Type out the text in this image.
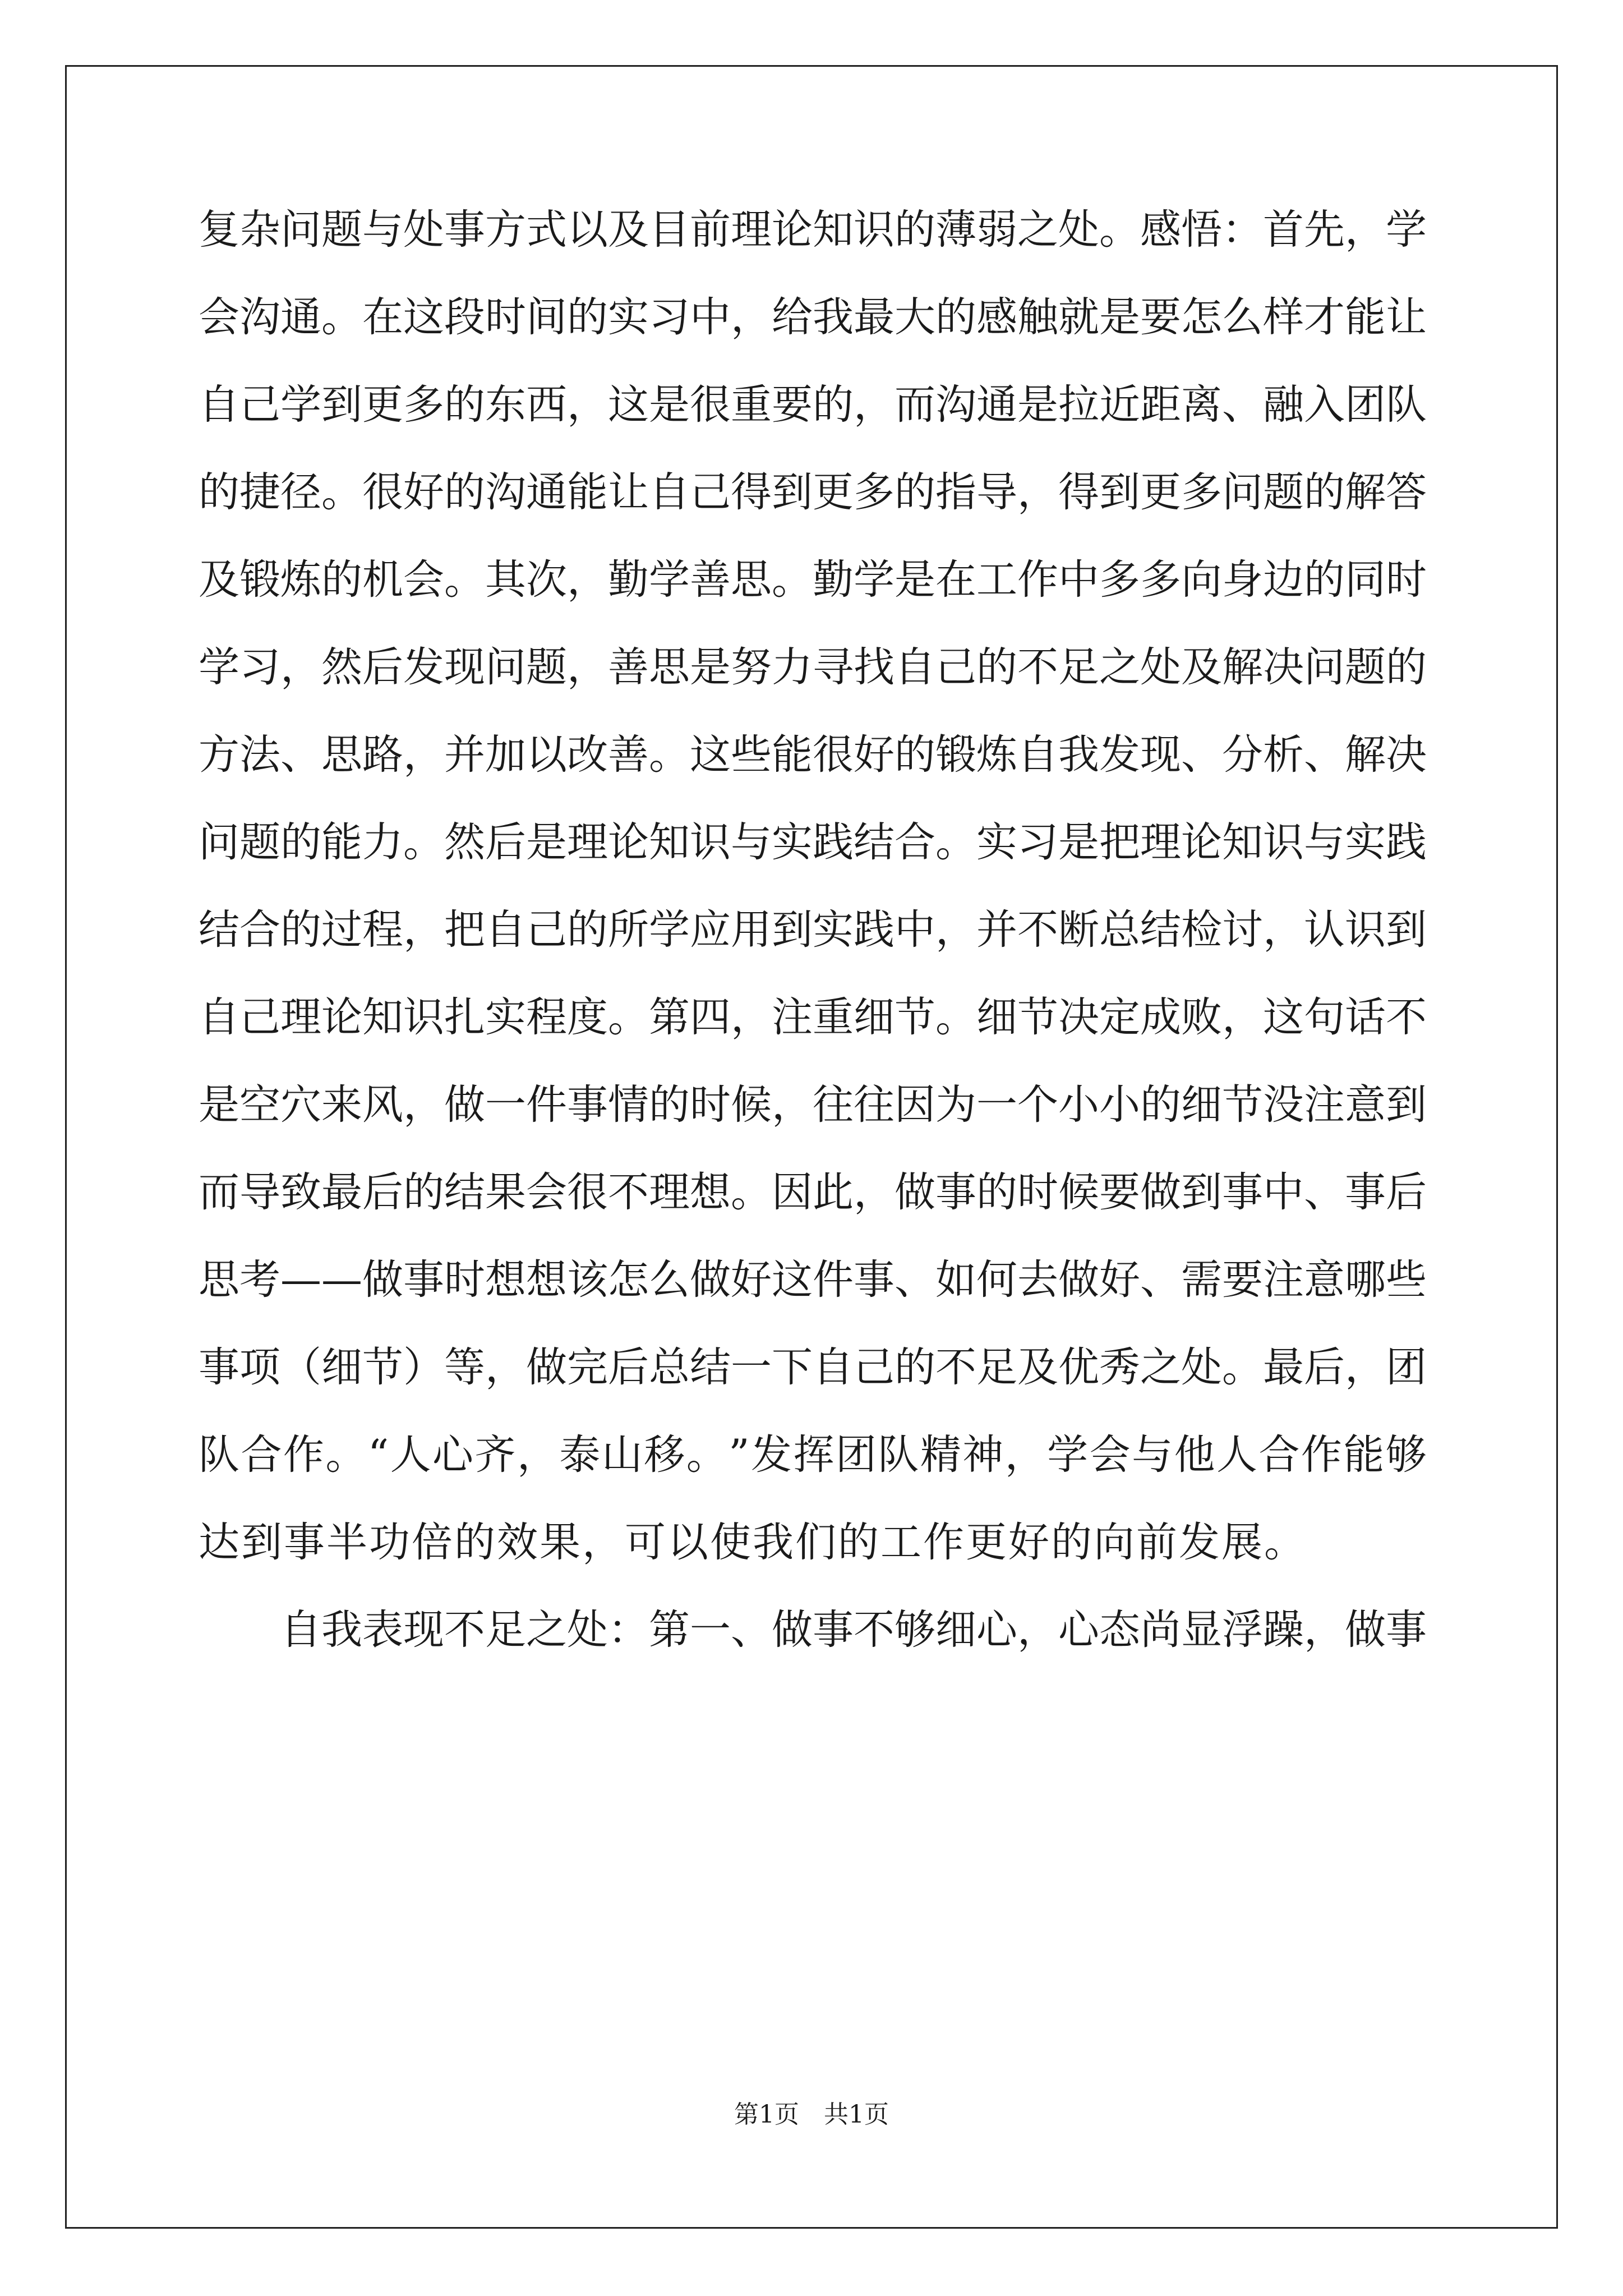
复 杂 问 题 与 处 事 方 式 以 及 目 前 理 论 知 识 的 薄 弱 之 处 。 感 悟 ： 首 先 ， 学
会 沟 通 。 在 这 段 时 间 的 实 习 中 ， 给 我 最 大 的 感 触 就 是 要 怎 么 样 才 能 让
自 己 学 到 更 多 的 东 西 ， 这 是 很 重 要 的 ， 而 沟 通 是 拉 近 距 离 、 融 入 团 队
的 捷 径 。 很 好 的 沟 通 能 让 自 己 得 到 更 多 的 指 导 ， 得 到 更 多 问 题 的 解 答
及 锻 炼 的 机 会 。 其 次 ， 勤 学 善 思 。 勤 学 是 在 工 作 中 多 多 向 身 边 的 同 时
学 习 ， 然 后 发 现 问 题 ， 善 思 是 努 力 寻 找 自 己 的 不 足 之 处 及 解 决 问 题 的
方 法 、 思 路 ， 并 加 以 改 善 。 这 些 能 很 好 的 锻 炼 自 我 发 现 、 分 析 、 解 决
问 题 的 能 力 。 然 后 是 理 论 知 识 与 实 践 结 合 。 实 习 是 把 理 论 知 识 与 实 践
结 合 的 过 程 ， 把 自 己 的 所 学 应 用 到 实 践 中 ， 并 不 断 总 结 检 讨 ， 认 识 到
自 己 理 论 知 识 扎 实 程 度 。 第 四 ， 注 重 细 节 。 细 节 决 定 成 败 ， 这 句 话 不
是 空 穴 来 风 ， 做 一 件 事 情 的 时 候 ， 往 往 因 为 一 个 小 小 的 细 节 没 注 意 到
而 导 致 最 后 的 结 果 会 很 不 理 想 。 因 此 ， 做 事 的 时 候 要 做 到 事 中 、 事 后
思 考 — — 做 事 时 想 想 该 怎 么 做 好 这 件 事 、 如 何 去 做 好 、 需 要 注 意 哪 些
事 项 （ 细 节 ） 等 ， 做 完 后 总 结 一 下 自 己 的 不 足 及 优 秀 之 处 。 最 后 ， 团
队 合 作 。 “ 人 心 齐 ， 泰 山 移 。 ” 发 挥 团 队 精 神 ， 学 会 与 他 人 合 作 能 够
达到事半功倍的效果，可以使我们的工作更好的向前发展。
自 我 表 现 不 足 之 处 ： 第 一 、 做 事 不 够 细 心 ， 心 态 尚 显 浮 躁 ， 做 事
第1页　共1页
